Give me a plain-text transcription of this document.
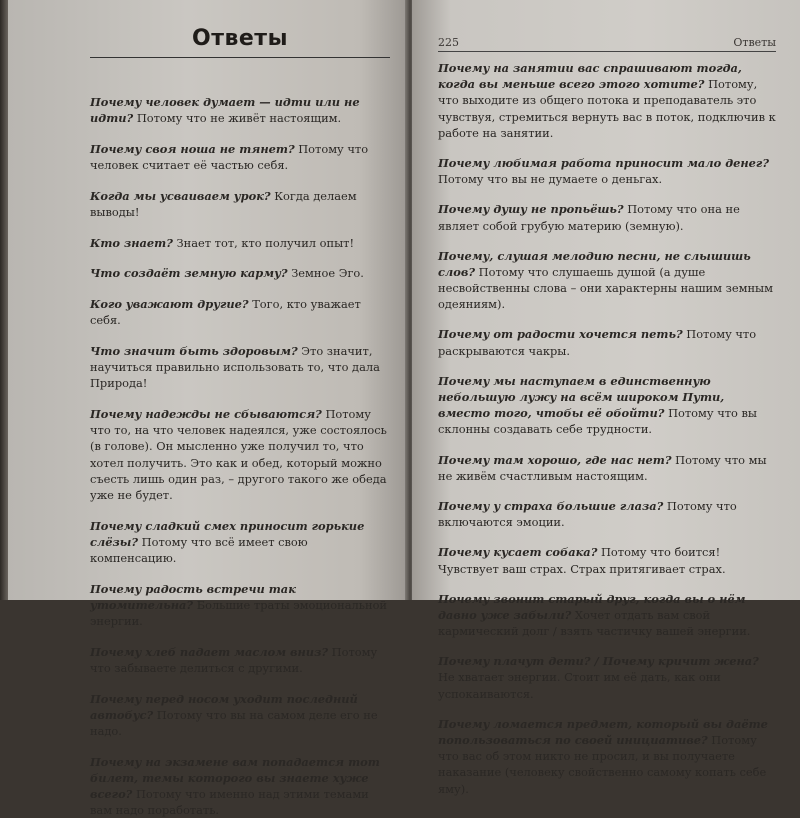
Ответы

Почему человек думает — идти или не идти? Потому что не живёт настоящим.

Почему своя ноша не тянет? Потому что человек считает её частью себя.

Когда мы усваиваем урок? Когда делаем выводы!

Кто знает? Знает тот, кто получил опыт!

Что создаёт земную карму? Земное Эго.

Кого уважают другие? Того, кто уважает себя.

Что значит быть здоровым? Это значит, научиться правильно использовать то, что дала Природа!

Почему надежды не сбываются? Потому что то, на что человек надеялся, уже состоялось (в голове). Он мысленно уже получил то, что хотел получить. Это как и обед, который можно съесть лишь один раз, – другого такого же обеда уже не будет.

Почему сладкий смех приносит горькие слёзы? Потому что всё имеет свою компенсацию.

Почему радость встречи так утомительна? Большие траты эмоциональной энергии.

Почему хлеб падает маслом вниз? Потому что забываете делиться с другими.

Почему перед носом уходит последний автобус? Потому что вы на самом деле его не надо.

Почему на экзамене вам попадается тот билет, темы которого вы знаете хуже всего? Потому что именно над этими темами вам надо поработать.

225	Ответы

Почему на занятии вас спрашивают тогда, когда вы меньше всего этого хотите? Потому, что выходите из общего потока и преподаватель это чувствуя, стремиться вернуть вас в поток, подключив к работе на занятии.

Почему любимая работа приносит мало денег? Потому что вы не думаете о деньгах.

Почему душу не пропьёшь? Потому что она не являет собой грубую материю (земную).

Почему, слушая мелодию песни, не слышишь слов? Потому что слушаешь душой (а душе несвойственны слова – они характерны нашим земным одеяниям).

Почему от радости хочется петь? Потому что раскрываются чакры.

Почему мы наступаем в единственную небольшую лужу на всём широком Пути, вместо того, чтобы её обойти? Потому что вы склонны создавать себе трудности.

Почему там хорошо, где нас нет? Потому что мы не живём счастливым настоящим.

Почему у страха большие глаза? Потому что включаются эмоции.

Почему кусает собака? Потому что боится! Чувствует ваш страх. Страх притягивает страх.

Почему звонит старый друг, когда вы о нём давно уже забыли? Хочет отдать вам свой кармический долг / взять частичку вашей энергии.

Почему плачут дети? / Почему кричит жена? Не хватает энергии. Стоит им её дать, как они успокаиваются.

Почему ломается предмет, который вы даёте попользоваться по своей инициативе? Потому что вас об этом никто не просил, и вы получаете наказание (человеку свойственно самому копать себе яму).
